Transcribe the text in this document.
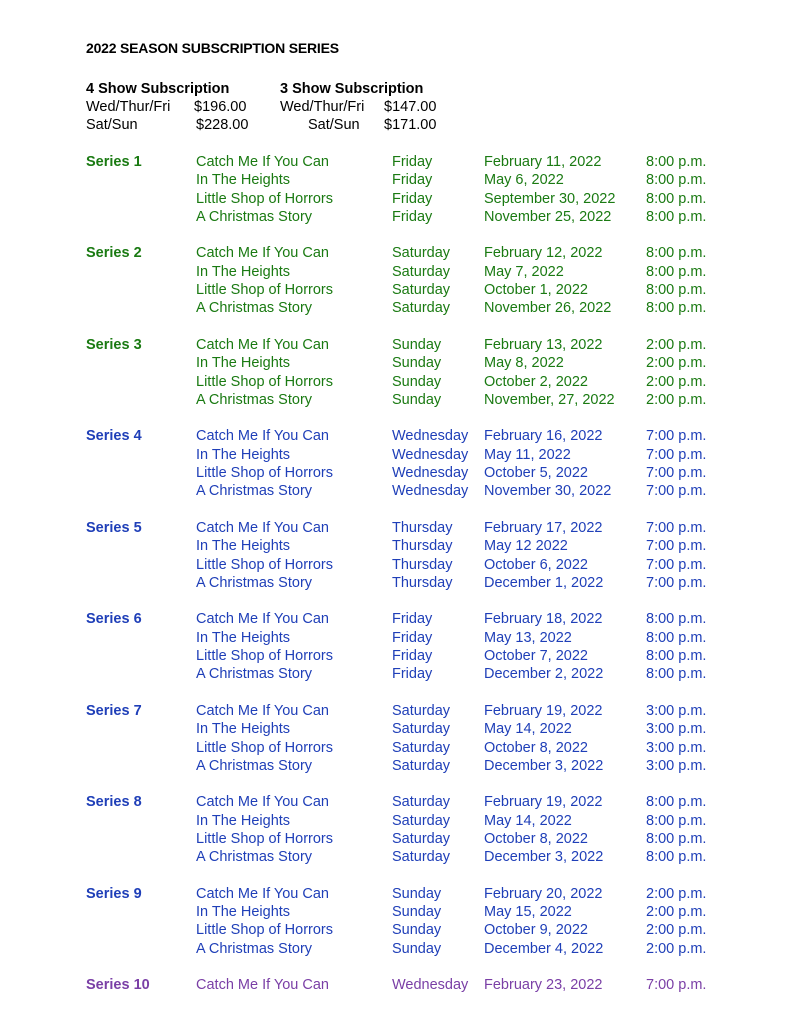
2022 SEASON SUBSCRIPTION SERIES
4 Show Subscription
Wed/Thur/Fri	$196.00
Sat/Sun	$228.00
3 Show Subscription
Wed/Thur/Fri	$147.00
Sat/Sun	$171.00
Series 1	Catch Me If You Can	Friday	February 11, 2022	8:00 p.m.
In The Heights	Friday	May 6, 2022	8:00 p.m.
Little Shop of Horrors	Friday	September 30, 2022 8:00 p.m.
A Christmas Story	Friday	November 25, 2022 8:00 p.m.
Series 2	Catch Me If You Can	Saturday February 12, 2022	8:00 p.m.
In The Heights	Saturday May 7, 2022	8:00 p.m.
Little Shop of Horrors	Saturday October 1, 2022	8:00 p.m.
A Christmas Story	Saturday November 26, 2022 8:00 p.m.
Series 3	Catch Me If You Can	Sunday	February 13, 2022	2:00 p.m.
In The Heights	Sunday	May 8, 2022	2:00 p.m.
Little Shop of Horrors	Sunday	October 2, 2022	2:00 p.m.
A Christmas Story	Sunday	November, 27, 2022 2:00 p.m.
Series 4	Catch Me If You Can	Wednesday February 16, 2022	7:00 p.m.
In The Heights	Wednesday May 11, 2022	7:00 p.m.
Little Shop of Horrors	Wednesday October 5, 2022	7:00 p.m.
A Christmas Story	Wednesday November 30, 2022 7:00 p.m.
Series 5	Catch Me If You Can	Thursday February 17, 2022	7:00 p.m.
In The Heights	Thursday May 12 2022	7:00 p.m.
Little Shop of Horrors	Thursday October 6, 2022	7:00 p.m.
A Christmas Story	Thursday December 1, 2022	7:00 p.m.
Series 6	Catch Me If You Can	Friday	February 18, 2022	8:00 p.m.
In The Heights	Friday	May 13, 2022	8:00 p.m.
Little Shop of Horrors	Friday	October 7, 2022	8:00 p.m.
A Christmas Story	Friday	December 2, 2022	8:00 p.m.
Series 7	Catch Me If You Can	Saturday February 19, 2022	3:00 p.m.
In The Heights	Saturday May 14, 2022	3:00 p.m.
Little Shop of Horrors	Saturday October 8, 2022	3:00 p.m.
A Christmas Story	Saturday December 3, 2022	3:00 p.m.
Series 8	Catch Me If You Can	Saturday February 19, 2022	8:00 p.m.
In The Heights	Saturday May 14, 2022	8:00 p.m.
Little Shop of Horrors	Saturday October 8, 2022	8:00 p.m.
A Christmas Story	Saturday December 3, 2022	8:00 p.m.
Series 9	Catch Me If You Can	Sunday	February 20, 2022	2:00 p.m.
In The Heights	Sunday	May 15, 2022	2:00 p.m.
Little Shop of Horrors	Sunday	October 9, 2022	2:00 p.m.
A Christmas Story	Sunday	December 4, 2022	2:00 p.m.
Series 10	Catch Me If You Can	Wednesday February 23, 2022	7:00 p.m.
